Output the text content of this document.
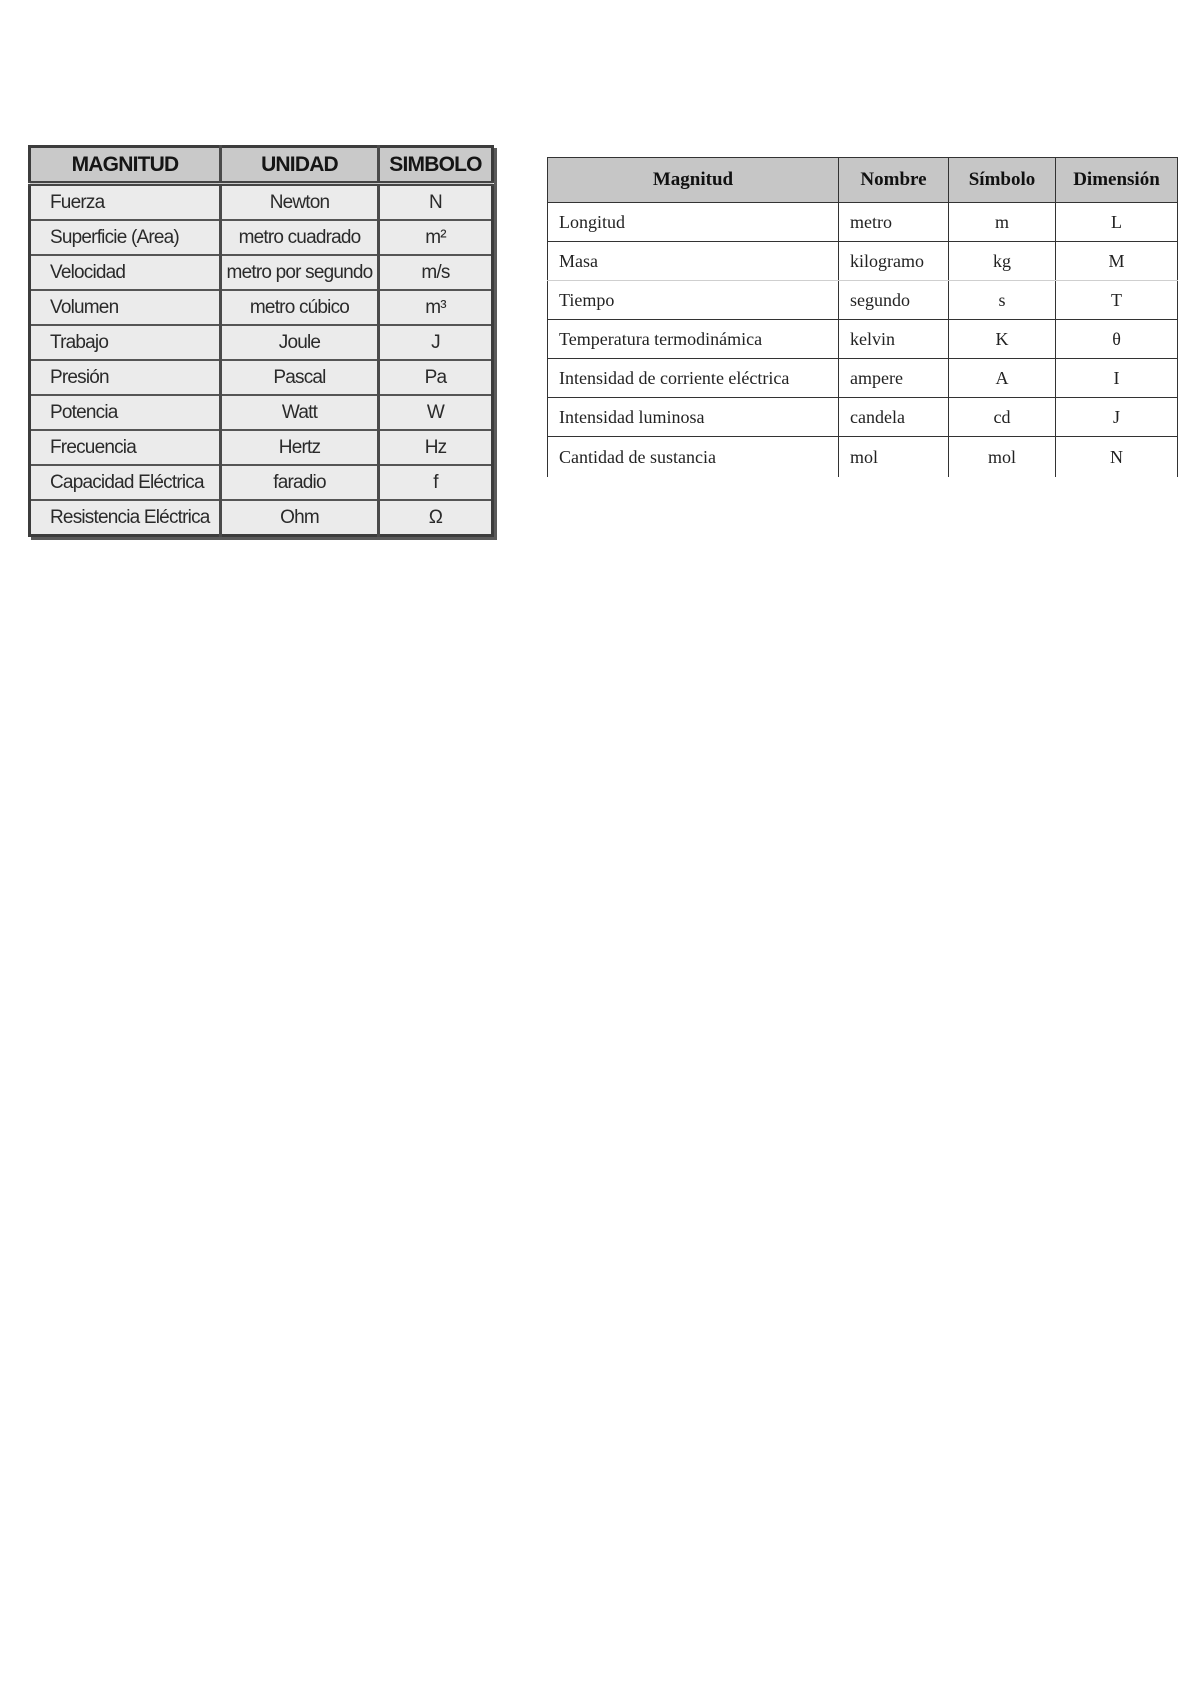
MAGNITUD	UNIDAD	SIMBOLO
Fuerza	Newton	N
Superficie (Area)	metro cuadrado	m²
Velocidad	metro por segundo	m/s
Volumen	metro cúbico	m³
Trabajo	Joule	J
Presión	Pascal	Pa
Potencia	Watt	W
Frecuencia	Hertz	Hz
Capacidad Eléctrica	faradio	f
Resistencia Eléctrica	Ohm	Ω
Magnitud	Nombre	Símbolo	Dimensión
Longitud	metro	m	L
Masa	kilogramo	kg	M
Tiempo	segundo	s	T
Temperatura termodinámica	kelvin	K	θ
Intensidad de corriente eléctrica	ampere	A	I
Intensidad luminosa	candela	cd	J
Cantidad de sustancia	mol	mol	N
